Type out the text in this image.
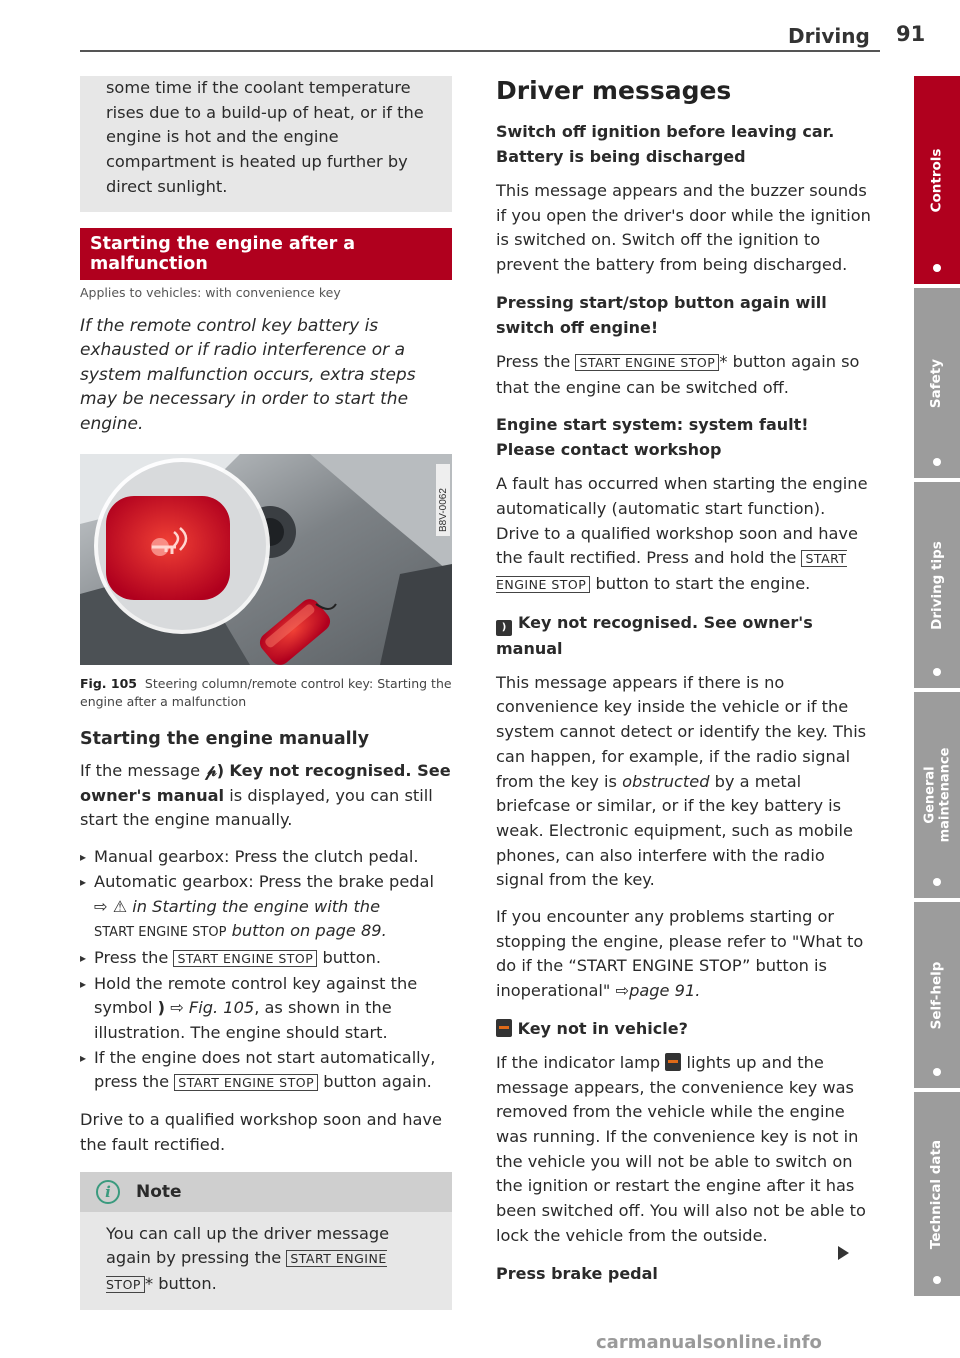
Driving 91

some time if the coolant temperature rises due to a build-up of heat, or if the engine is hot and the engine compartment is heated up further by direct sunlight.

Starting the engine after a malfunction
Applies to vehicles: with convenience key

If the remote control key battery is exhausted or if radio interference or a system malfunction occurs, extra steps may be necessary in order to start the engine.

B8V-0062
Fig. 105 Steering column/remote control key: Starting the engine after a malfunction
Starting the engine manually

If the message 𝓅) Key not recognised. See owner's manual is displayed, you can still start the engine manually.

▸ Manual gearbox: Press the clutch pedal.
▸ Automatic gearbox: Press the brake pedal
⇨ ⚠ in Starting the engine with the
START ENGINE STOP button on page 89.
▸ Press the START ENGINE STOP button.
▸ Hold the remote control key against the symbol ) ⇨ Fig. 105, as shown in the illustration. The engine should start.
▸ If the engine does not start automatically, press the START ENGINE STOP button again.

Drive to a qualified workshop soon and have the fault rectified.

i	Note

You can call up the driver message again by pressing the START ENGINE STOP * button.

Driver messages
Switch off ignition before leaving car. Battery is being discharged

This message appears and the buzzer sounds if you open the driver's door while the ignition is switched on. Switch off the ignition to prevent the battery from being discharged.

Pressing start/stop button again will switch off engine!

Press the START ENGINE STOP * button again so that the engine can be switched off.

Engine start system: system fault! Please contact workshop

A fault has occurred when starting the engine automatically (automatic start function). Drive to a qualified workshop soon and have the fault rectified. Press and hold the START ENGINE STOP button to start the engine.

) Key not recognised. See owner's manual

This message appears if there is no convenience key inside the vehicle or if the system cannot detect or identify the key. This can happen, for example, if the radio signal from the key is obstructed by a metal briefcase or similar, or if the key battery is weak. Electronic equipment, such as mobile phones, can also interfere with the radio signal from the key.

If you encounter any problems starting or stopping the engine, please refer to "What to do if the “START ENGINE STOP” button is inoperational" ⇨page 91.

Key not in vehicle?

If the indicator lamp lights up and the message appears, the convenience key was removed from the vehicle while the engine was running. If the convenience key is not in the vehicle you will not be able to switch on the ignition or restart the engine after it has been switched off. You will also not be able to lock the vehicle from the outside.

Press brake pedal
Controls
Safety
Driving tips
General maintenance
Self-help
Technical data
carmanualsonline.info
